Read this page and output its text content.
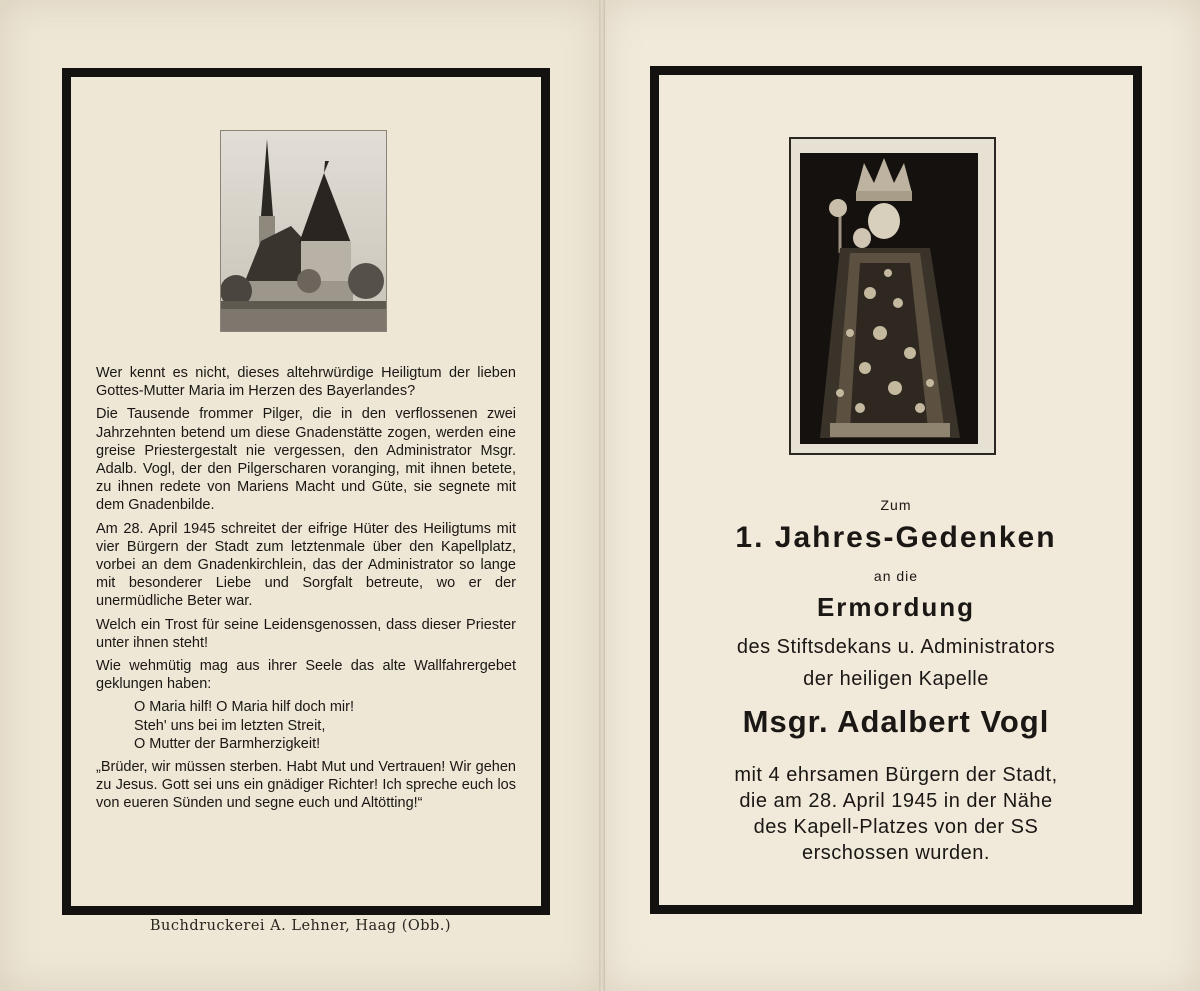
Wer kennt es nicht, dieses altehrwürdige Heiligtum der lieben Gottes-Mutter Maria im Herzen des Bayerlandes?

Die Tausende frommer Pilger, die in den verflossenen zwei Jahrzehnten betend um diese Gnadenstätte zogen, werden eine greise Priestergestalt nie vergessen, den Administrator Msgr. Adalb. Vogl, der den Pilgerscharen voranging, mit ihnen betete, zu ihnen redete von Mariens Macht und Güte, sie segnete mit dem Gnadenbilde.

Am 28. April 1945 schreitet der eifrige Hüter des Heiligtums mit vier Bürgern der Stadt zum letztenmale über den Kapellplatz, vorbei an dem Gnadenkirchlein, das der Administrator so lange mit besonderer Liebe und Sorgfalt betreute, wo er der unermüdliche Beter war.

Welch ein Trost für seine Leidensgenossen, dass dieser Priester unter ihnen steht!

Wie wehmütig mag aus ihrer Seele das alte Wallfahrergebet geklungen haben:

O Maria hilf! O Maria hilf doch mir!
Steh' uns bei im letzten Streit,
O Mutter der Barmherzigkeit!

„Brüder, wir müssen sterben. Habt Mut und Vertrauen! Wir gehen zu Jesus. Gott sei uns ein gnädiger Richter! Ich spreche euch los von eueren Sünden und segne euch und Altötting!“

Buchdruckerei A. Lehner, Haag (Obb.)
Zum
1. Jahres-Gedenken
an die
Ermordung
des Stiftsdekans u. Administrators
der heiligen Kapelle
Msgr. Adalbert Vogl
mit 4 ehrsamen Bürgern der Stadt,
die am 28. April 1945 in der Nähe
des Kapell-Platzes von der SS
erschossen wurden.
